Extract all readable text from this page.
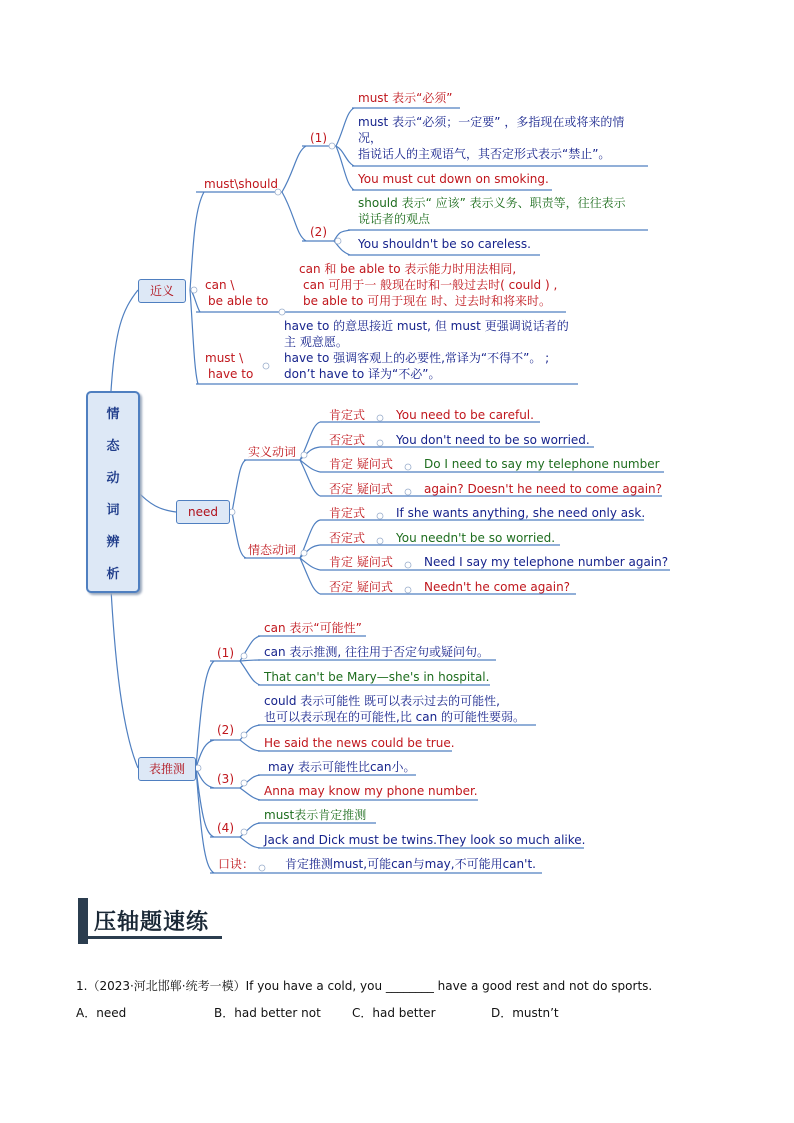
情
态
动
词
辨
析
近义
must\should
(1)
must 表示“必须”
must 表示“必须；一定要” ，多指现在或将来的情
况，
指说话人的主观语气，其否定形式表示“禁止”。
You must cut down on smoking.
(2)
should 表示“ 应该” 表示义务、职责等，往往表示
说话者的观点
You shouldn't be so careless.
can \
be able to
can 和 be able to 表示能力时用法相同,
can 可用于一 般现在时和一般过去时( could ) ,
be able to 可用于现在 时、过去时和将来时。
must \
have to
have to 的意思接近 must, 但 must 更强调说话者的
主 观意愿。
have to 强调客观上的必要性,常译为“不得不”。 ;
don’t have to 译为“不必”。
need
实义动词
情态动词
肯定式	You need to be careful.
否定式	You don't need to be so worried.
肯定 疑问式	Do I need to say my telephone number
否定 疑问式	again? Doesn't he need to come again?
肯定式	If she wants anything, she need only ask.
否定式	You needn't be so worried.
肯定 疑问式	Need I say my telephone number again?
否定 疑问式	Needn't he come again?
表推测
(1)
can 表示“可能性”
can 表示推测, 往往用于否定句或疑问句。
That can't be Mary—she's in hospital.
(2)
could 表示可能性 既可以表示过去的可能性,
也可以表示现在的可能性,比 can 的可能性要弱。
He said the news could be true.
(3)
may 表示可能性比can小。
Anna may know my phone number.
(4)
must表示肯定推测
Jack and Dick must be twins.They look so much alike.
口诀：	肯定推测must,可能can与may,不可能用can't.
压轴题速练
1.（2023·河北邯郸·统考一模）If you have a cold, you ________ have a good rest and not do sports.
A．need	B．had better not	C．had better	D．mustn’t
